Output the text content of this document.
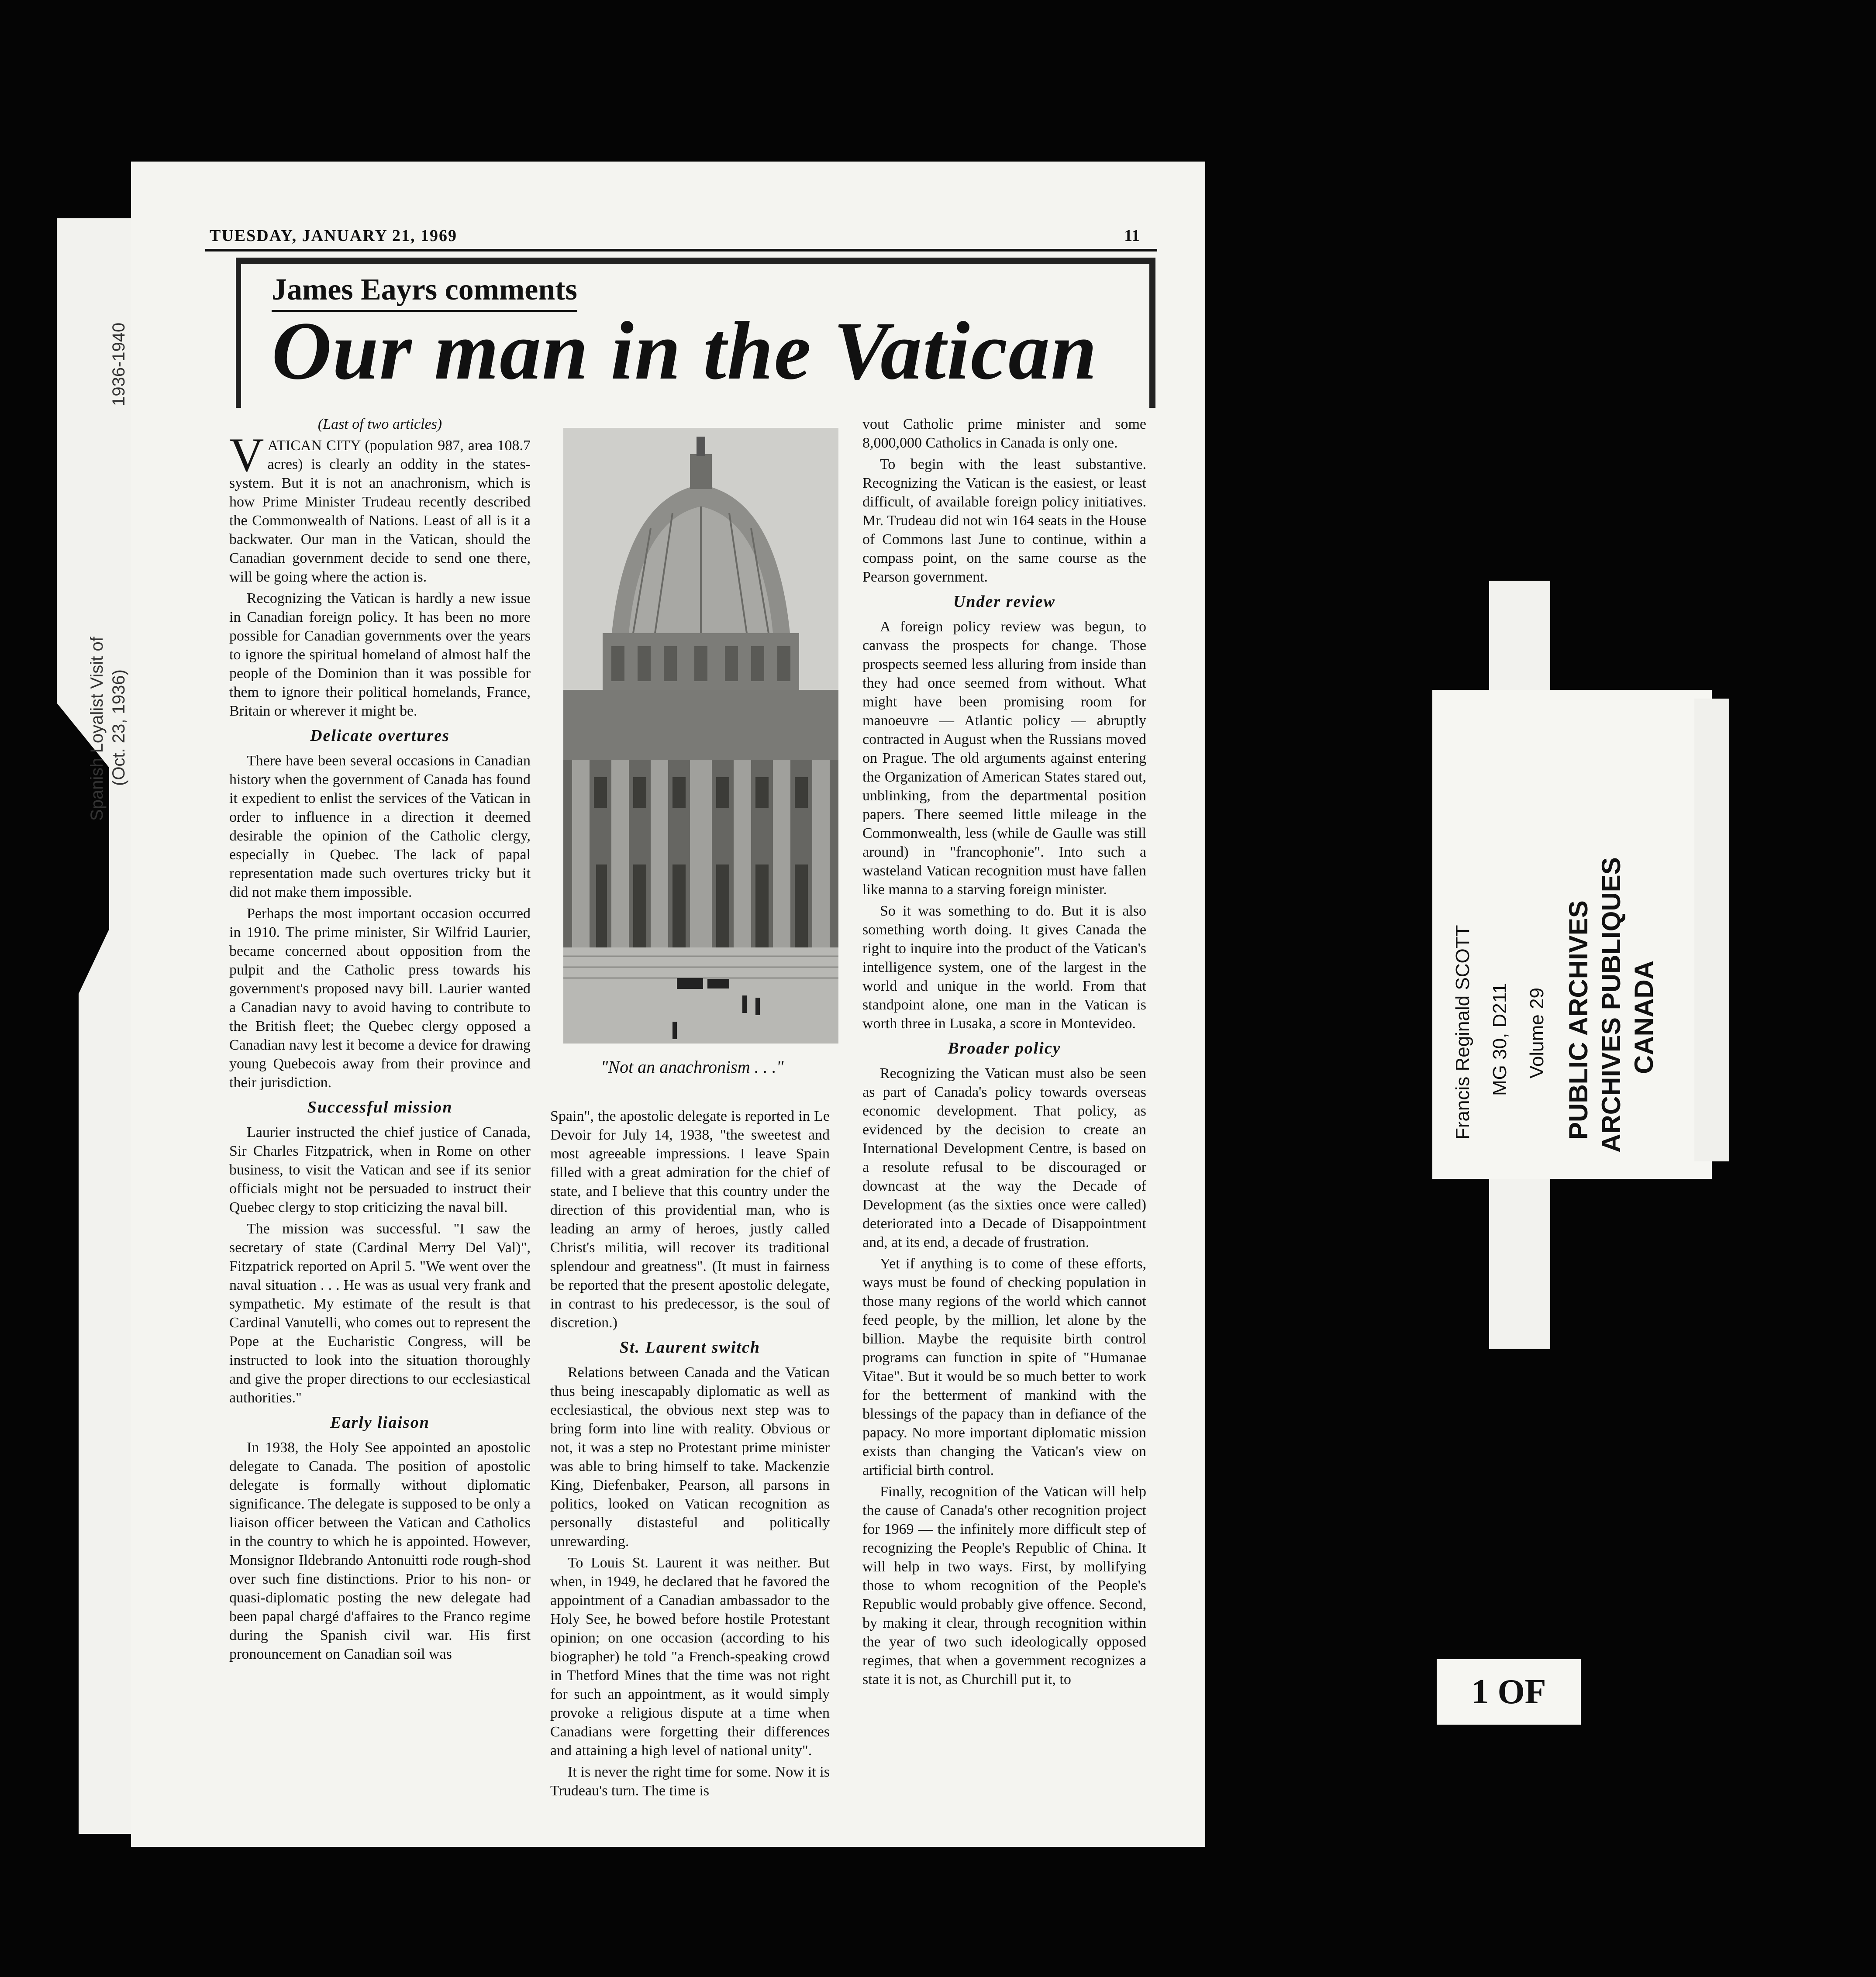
1936-1940
Spanish Loyalist Visit of (Oct. 23, 1936)

TUESDAY, JANUARY 21, 1969	11
James Eayrs comments
Our man in the Vatican

(Last of two articles)

VATICAN CITY (population 987, area 108.7 acres) is clearly an oddity in the states-system. But it is not an anachronism, which is how Prime Minister Trudeau recently described the Commonwealth of Nations. Least of all is it a backwater. Our man in the Vatican, should the Canadian government decide to send one there, will be going where the action is.

Recognizing the Vatican is hardly a new issue in Canadian foreign policy. It has been no more possible for Canadian governments over the years to ignore the spiritual homeland of almost half the people of the Dominion than it was possible for them to ignore their political homelands, France, Britain or wherever it might be.

Delicate overtures

There have been several occasions in Canadian history when the government of Canada has found it expedient to enlist the services of the Vatican in order to influence in a direction it deemed desirable the opinion of the Catholic clergy, especially in Quebec. The lack of papal representation made such overtures tricky but it did not make them impossible.

Perhaps the most important occasion occurred in 1910. The prime minister, Sir Wilfrid Laurier, became concerned about opposition from the pulpit and the Catholic press towards his government's proposed navy bill. Laurier wanted a Canadian navy to avoid having to contribute to the British fleet; the Quebec clergy opposed a Canadian navy lest it become a device for drawing young Quebecois away from their province and their jurisdiction.

Successful mission

Laurier instructed the chief justice of Canada, Sir Charles Fitzpatrick, when in Rome on other business, to visit the Vatican and see if its senior officials might not be persuaded to instruct their Quebec clergy to stop criticizing the naval bill.

The mission was successful. "I saw the secretary of state (Cardinal Merry Del Val)", Fitzpatrick reported on April 5. "We went over the naval situation . . . He was as usual very frank and sympathetic. My estimate of the result is that Cardinal Vanutelli, who comes out to represent the Pope at the Eucharistic Congress, will be instructed to look into the situation thoroughly and give the proper directions to our ecclesiastical authorities."

Early liaison

In 1938, the Holy See appointed an apostolic delegate to Canada. The position of apostolic delegate is formally without diplomatic significance. The delegate is supposed to be only a liaison officer between the Vatican and Catholics in the country to which he is appointed. However, Monsignor Ildebrando Antonuitti rode rough-shod over such fine distinctions. Prior to his non- or quasi-diplomatic posting the new delegate had been papal chargé d'affaires to the Franco regime during the Spanish civil war. His first pronouncement on Canadian soil was

"Not an anachronism . . ."

Spain", the apostolic delegate is reported in Le Devoir for July 14, 1938, "the sweetest and most agreeable impressions. I leave Spain filled with a great admiration for the chief of state, and I believe that this country under the direction of this providential man, who is leading an army of heroes, justly called Christ's militia, will recover its traditional splendour and greatness". (It must in fairness be reported that the present apostolic delegate, in contrast to his predecessor, is the soul of discretion.)

St. Laurent switch

Relations between Canada and the Vatican thus being inescapably diplomatic as well as ecclesiastical, the obvious next step was to bring form into line with reality. Obvious or not, it was a step no Protestant prime minister was able to bring himself to take. Mackenzie King, Diefenbaker, Pearson, all parsons in politics, looked on Vatican recognition as personally distasteful and politically unrewarding.

To Louis St. Laurent it was neither. But when, in 1949, he declared that he favored the appointment of a Canadian ambassador to the Holy See, he bowed before hostile Protestant opinion; on one occasion (according to his biographer) he told "a French-speaking crowd in Thetford Mines that the time was not right for such an appointment, as it would simply provoke a religious dispute at a time when Canadians were forgetting their differences and attaining a high level of national unity".

It is never the right time for some. Now it is Trudeau's turn. The time is

vout Catholic prime minister and some 8,000,000 Catholics in Canada is only one.

To begin with the least substantive. Recognizing the Vatican is the easiest, or least difficult, of available foreign policy initiatives. Mr. Trudeau did not win 164 seats in the House of Commons last June to continue, within a compass point, on the same course as the Pearson government.

Under review

A foreign policy review was begun, to canvass the prospects for change. Those prospects seemed less alluring from inside than they had once seemed from without. What might have been promising room for manoeuvre — Atlantic policy — abruptly contracted in August when the Russians moved on Prague. The old arguments against entering the Organization of American States stared out, unblinking, from the departmental position papers. There seemed little mileage in the Commonwealth, less (while de Gaulle was still around) in "francophonie". Into such a wasteland Vatican recognition must have fallen like manna to a starving foreign minister.

So it was something to do. But it is also something worth doing. It gives Canada the right to inquire into the product of the Vatican's intelligence system, one of the largest in the world and unique in the world. From that standpoint alone, one man in the Vatican is worth three in Lusaka, a score in Montevideo.

Broader policy

Recognizing the Vatican must also be seen as part of Canada's policy towards overseas economic development. That policy, as evidenced by the decision to create an International Development Centre, is based on a resolute refusal to be discouraged or downcast at the way the Decade of Development (as the sixties once were called) deteriorated into a Decade of Disappointment and, at its end, a decade of frustration.

Yet if anything is to come of these efforts, ways must be found of checking population in those many regions of the world which cannot feed people, by the million, let alone by the billion. Maybe the requisite birth control programs can function in spite of "Humanae Vitae". But it would be so much better to work for the betterment of mankind with the blessings of the papacy than in defiance of the papacy. No more important diplomatic mission exists than changing the Vatican's view on artificial birth control.

Finally, recognition of the Vatican will help the cause of Canada's other recognition project for 1969 — the infinitely more difficult step of recognizing the People's Republic of China. It will help in two ways. First, by mollifying those to whom recognition of the People's Republic would probably give offence. Second, by making it clear, through recognition within the year of two such ideologically opposed regimes, that when a government recognizes a state it is not, as Churchill put it, to

Francis Reginald SCOTT MG 30, D211 Volume 29 PUBLIC ARCHIVES ARCHIVES PUBLIQUES CANADA
1 OF
